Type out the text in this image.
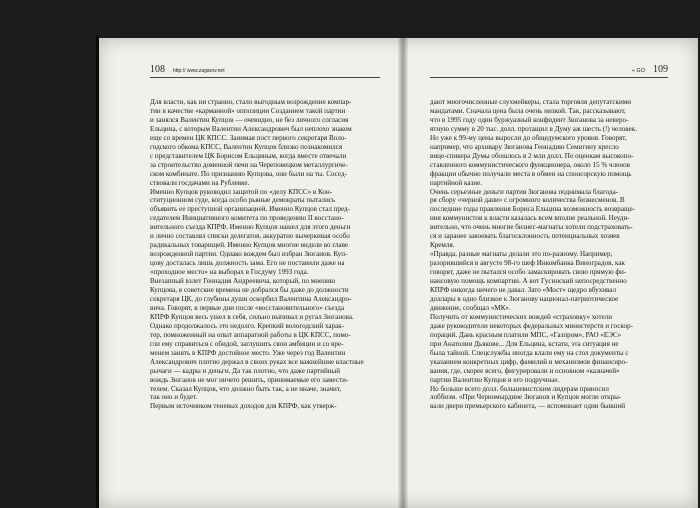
108 http:// www.zagarov.net	« GO 109
Для власти, как ни странно, стало выгодным возрождение компар-
тии в качестве «карманной» оппозиции Созданием такой партии
и занялся Валентин Купцов — очевидно, не без личного согласия
Ельцина, с которым Валентин Александрович был неплохо знаком
еще со времен ЦК КПСС. Занимая пост первого секретаря Воло-
годского обкома КПСС, Валентин Купцов близко познакомился
с представителем ЦК Борисом Ельциным, когда вместе отвечали
за строительство доменной печи на Череповецком металлургиче-
ском комбинате. По признанию Купцова, они были на ты. Сосед-
ствовали госдачами на Рублевке.
Именно Купцов руководил защитой по «делу КПСС» в Кон-
ституционном суде, когда особо рьяные демократы пытались
объявить ее преступной организацией. Именно Купцов стал пред-
седателем Инициативного комитета по проведению II восстано-
вительного съезда КПРФ. Именно Купцов нашел для этого деньги
и лично составлял списки делегатов, аккуратно вычеркивая особо
радикальных товарищей. Именно Купцов многие видели во главе
возрожденной партии. Однако вождем был избран Зюганов. Куп-
цову досталась лишь должность зама. Его не поставили даже на
«проходное место» на выборах в Госдуму 1993 года.
Внезапный взлет Геннадия Андреевича, который, по мнению
Купцова, в советские времена не добрался бы даже до должности
секретаря ЦК, до глубины души оскорбил Валентина Александро-
вича. Говорят, в первые дни после «восстановительного» съезда
КПРФ Купцов весь ушел в себя, сильно выпивал и ругал Зюганова.
Однако продолжалось это недолго. Крепкий вологодский харак-
тер, помноженный на опыт аппаратной работы в ЦК КПСС, помо-
гли ему справиться с обидой, заглушить свои амбиции и со вре-
менем занять в КПРФ достойное место. Уже через год Валентин
Александрович плотно держал в своих руках все важнейшие властные
рычаги — кадры и деньги. Да так плотно, что даже партийный
вождь Зюганов не мог ничего решить, принимаемые его замести-
телем. Сказал Купцов, что должно быть так, а не иначе, значит,
так оно и будет.
Первым источником теневых доходов для КПРФ, как утверж-
дают многочисленные слухмейкеры, стала торговля депутатскими
мандатами. Сначала цена была очень низкой. Так, рассказывают,
что в 1995 году один буржуазный конфидент Зюганова за неверо-
ятную сумму в 20 тыс. долл. протащил в Думу аж шесть (!) человек.
Но уже к 99-му цены выросли до общедумского уровня. Говорят,
например, что архивару Зюганова Геннадию Семигину кресло
вице-спикера Думы обошлось в 2 млн долл. По оценкам высокопо-
ставленного коммунистического функционера, около 15 % членов
фракции обычно получали места в обмен на спонсорскую помощь
партийной казне.
Очень серьезные деньги партия Зюганова поднимала благода-
ря сбору «черной дани» с огромного количества бизнесменов. В
последние годы правления Бориса Ельцина возможность возвраще-
ния коммунистов к власти казалась всем вполне реальной. Неуди-
вительно, что очень многие бизнес-магнаты хотели подстраховать-
ся и заранее завоевать благосклонность потенциальных хозяев
Кремля.
«Правда, разные магнаты делали это по-разному. Например,
разорившийся в августе 98-го шеф Инкомбанка Виноградов, как
говорят, даже не пытался особо замаскировать свою прямую фи-
нансовую помощь компартии. А вот Гусинский непосредственно
КПРФ никогда ничего не давал. Зато «Мост» щедро вбухивал
доллары в одно близкое к Зюганову национал-патриотическое
движение, сообщал «МК».
Получить от коммунистических вождей «страховку» хотели
даже руководители некоторых федеральных министерств и госкор-
пораций. Дань красным платили МПС, «Газпром», РАО «ЕЭС»
при Анатолии Дьякове... Для Ельцина, кстати, эта ситуация не
была тайной. Спецслужбы иногда клали ему на стол документы с
указанием конкретных цифр, фамилий и механизмов финансиро-
вания, где, скорее всего, фигурировали и основном «казначей»
партии Валентин Купцов и его подручные.
Но больше всего долл. большевистским лидерам приносил
лоббизм. «При Черномырдине Зюганов и Купцов могли откры-
вали двери премьерского кабинета, — вспоминает один бывший
